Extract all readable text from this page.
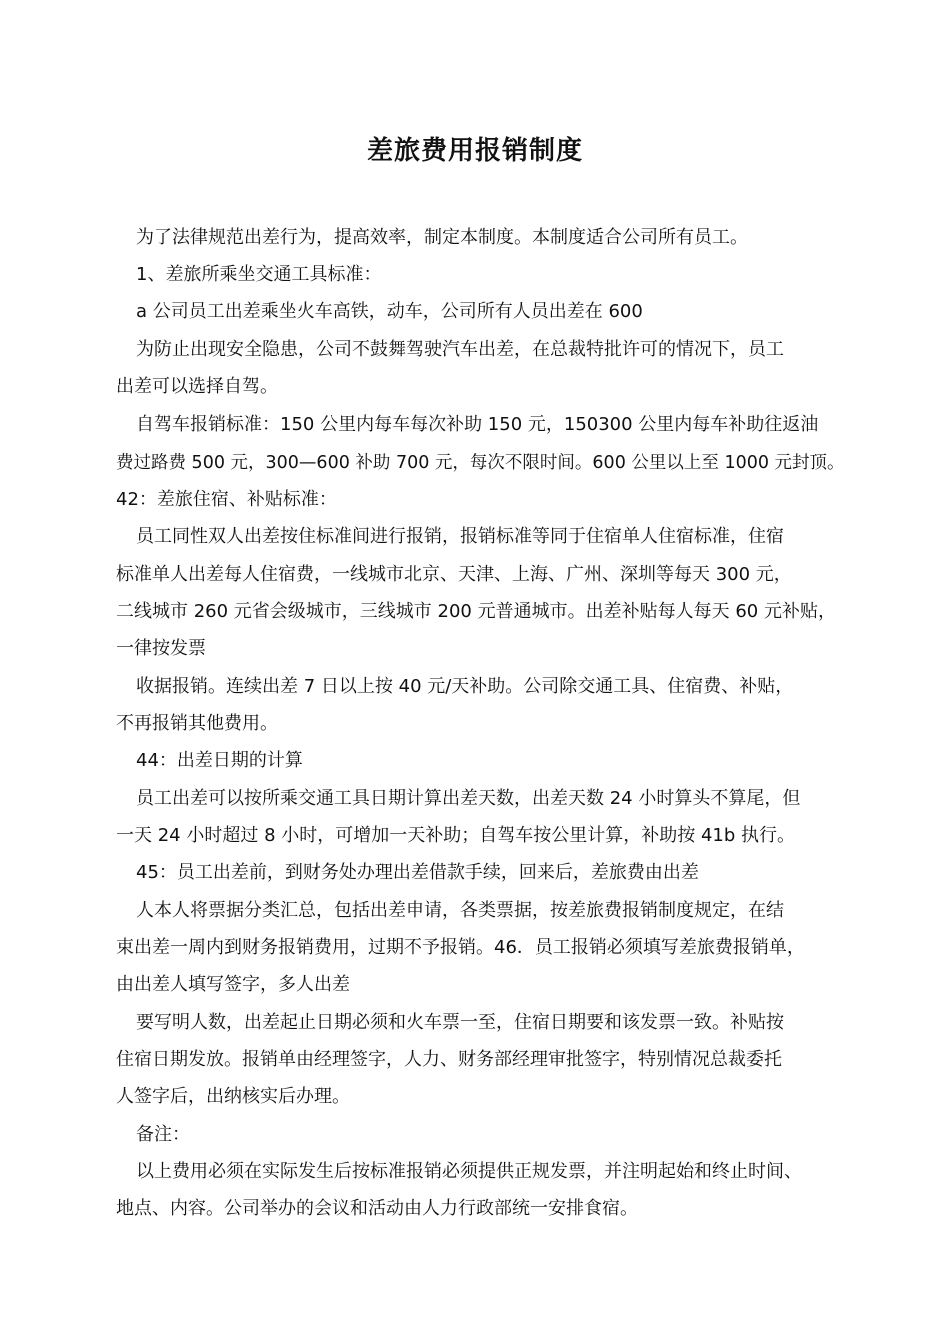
差旅费用报销制度
为了法律规范出差行为，提高效率，制定本制度。本制度适合公司所有员工。
1、差旅所乘坐交通工具标准：
a 公司员工出差乘坐火车高铁，动车，公司所有人员出差在 600
为防止出现安全隐患，公司不鼓舞驾驶汽车出差，在总裁特批许可的情况下，员工
出差可以选择自驾。
自驾车报销标准：150 公里内每车每次补助 150 元，150300 公里内每车补助往返油
费过路费 500 元，300—600 补助 700 元，每次不限时间。600 公里以上至 1000 元封顶。
42：差旅住宿、补贴标准：
员工同性双人出差按住标准间进行报销，报销标准等同于住宿单人住宿标准，住宿
标准单人出差每人住宿费，一线城市北京、天津、上海、广州、深圳等每天 300 元，
二线城市 260 元省会级城市，三线城市 200 元普通城市。出差补贴每人每天 60 元补贴，
一律按发票
收据报销。连续出差 7 日以上按 40 元/天补助。公司除交通工具、住宿费、补贴，
不再报销其他费用。
44：出差日期的计算
员工出差可以按所乘交通工具日期计算出差天数，出差天数 24 小时算头不算尾，但
一天 24 小时超过 8 小时，可增加一天补助；自驾车按公里计算，补助按 41b 执行。
45：员工出差前，到财务处办理出差借款手续，回来后，差旅费由出差
人本人将票据分类汇总，包括出差申请，各类票据，按差旅费报销制度规定，在结
束出差一周内到财务报销费用，过期不予报销。46．员工报销必须填写差旅费报销单，
由出差人填写签字，多人出差
要写明人数，出差起止日期必须和火车票一至，住宿日期要和该发票一致。补贴按
住宿日期发放。报销单由经理签字，人力、财务部经理审批签字，特别情况总裁委托
人签字后，出纳核实后办理。
备注：
以上费用必须在实际发生后按标准报销必须提供正规发票，并注明起始和终止时间、
地点、内容。公司举办的会议和活动由人力行政部统一安排食宿。
